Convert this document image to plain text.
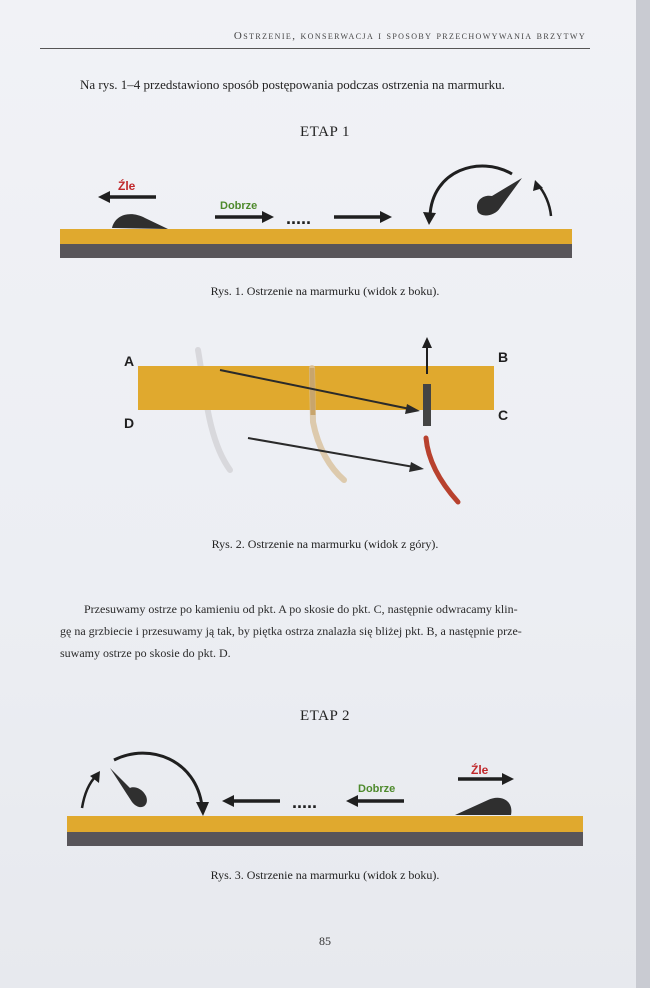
Ostrzenie, konserwacja i sposoby przechowywania brzytwy
Na rys. 1–4 przedstawiono sposób postępowania podczas ostrzenia na marmurku.
ETAP 1
Źle
Dobrze
.....
Rys. 1. Ostrzenie na marmurku (widok z boku).
A	B
C
D
Rys. 2. Ostrzenie na marmurku (widok z góry).
Przesuwamy ostrze po kamieniu od pkt. A po skosie do pkt. C, następnie odwracamy klin-
gę na grzbiecie i przesuwamy ją tak, by piętka ostrza znalazła się bliżej pkt. B, a następnie prze-
suwamy ostrze po skosie do pkt. D.
ETAP 2
.....
Dobrze
Źle
Rys. 3. Ostrzenie na marmurku (widok z boku).
85
